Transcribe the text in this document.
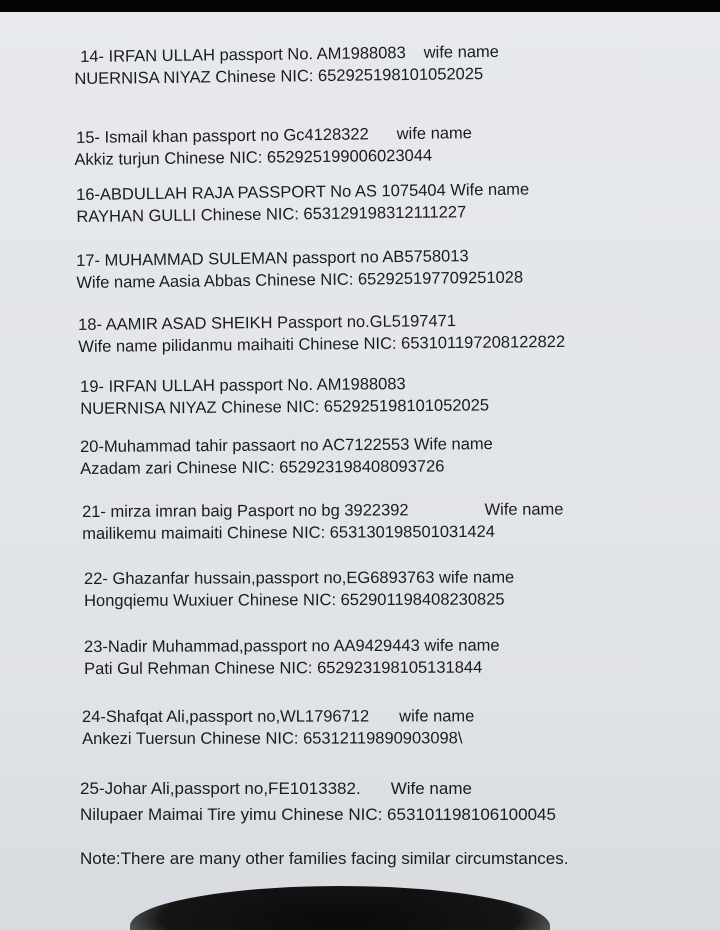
14- IRFAN ULLAH passport No. AM1988083 wife name
NUERNISA NIYAZ Chinese NIC: 652925198101052025
15- Ismail khan passport no Gc4128322 wife name
Akkiz turjun Chinese NIC: 652925199006023044
16-ABDULLAH RAJA PASSPORT No AS 1075404 Wife name
RAYHAN GULLI Chinese NIC: 653129198312111227
17- MUHAMMAD SULEMAN passport no AB5758013
Wife name Aasia Abbas Chinese NIC: 652925197709251028
18- AAMIR ASAD SHEIKH Passport no.GL5197471
Wife name pilidanmu maihaiti Chinese NIC: 653101197208122822
19- IRFAN ULLAH passport No. AM1988083
NUERNISA NIYAZ Chinese NIC: 652925198101052025
20-Muhammad tahir passaort no AC7122553 Wife name
Azadam zari Chinese NIC: 652923198408093726
21- mirza imran baig Pasport no bg 3922392	Wife name
mailikemu maimaiti Chinese NIC: 653130198501031424
22- Ghazanfar hussain,passport no,EG6893763 wife name
Hongqiemu Wuxiuer Chinese NIC: 652901198408230825
23-Nadir Muhammad,passport no AA9429443 wife name
Pati Gul Rehman Chinese NIC: 652923198105131844
24-Shafqat Ali,passport no,WL1796712 wife name
Ankezi Tuersun Chinese NIC: 65312119890903098\
25-Johar Ali,passport no,FE1013382. Wife name
Nilupaer Maimai Tire yimu Chinese NIC: 653101198106100045
Note:There are many other families facing similar circumstances.
